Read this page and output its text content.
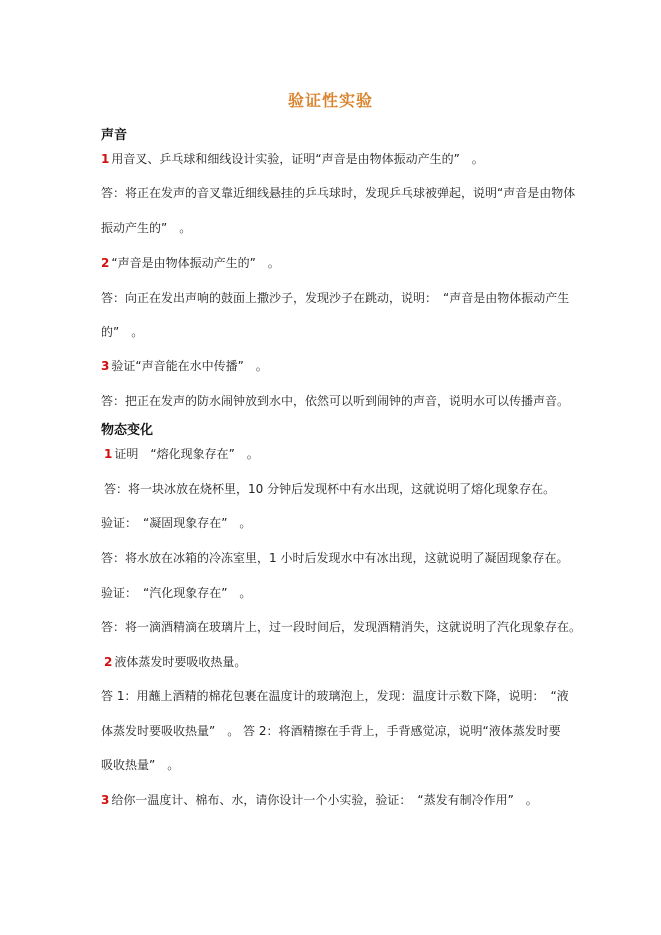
验证性实验
声音
1 用音叉、乒乓球和细线设计实验，证明“声音是由物体振动产生的”　。
答：将正在发声的音叉靠近细线悬挂的乒乓球时，发现乒乓球被弹起，说明“声音是由物体
振动产生的”　。
2 “声音是由物体振动产生的”　。
答：向正在发出声响的鼓面上撒沙子，发现沙子在跳动，说明：　“声音是由物体振动产生
的”　。
3 验证“声音能在水中传播”　。
答：把正在发声的防水闹钟放到水中，依然可以听到闹钟的声音，说明水可以传播声音。
物态变化
1 证明　“熔化现象存在”　。
答：将一块冰放在烧杯里，10 分钟后发现杯中有水出现，这就说明了熔化现象存在。
验证：　“凝固现象存在”　。
答：将水放在冰箱的冷冻室里，1 小时后发现水中有冰出现，这就说明了凝固现象存在。
验证：　“汽化现象存在”　。
答：将一滴酒精滴在玻璃片上，过一段时间后，发现酒精消失，这就说明了汽化现象存在。
2 液体蒸发时要吸收热量。
答 1：用蘸上酒精的棉花包裹在温度计的玻璃泡上，发现：温度计示数下降，说明：　“液
体蒸发时要吸收热量”　。 答 2：将酒精擦在手背上，手背感觉凉，说明“液体蒸发时要
吸收热量”　。
3 给你一温度计、棉布、水，请你设计一个小实验，验证：　“蒸发有制冷作用”　。
